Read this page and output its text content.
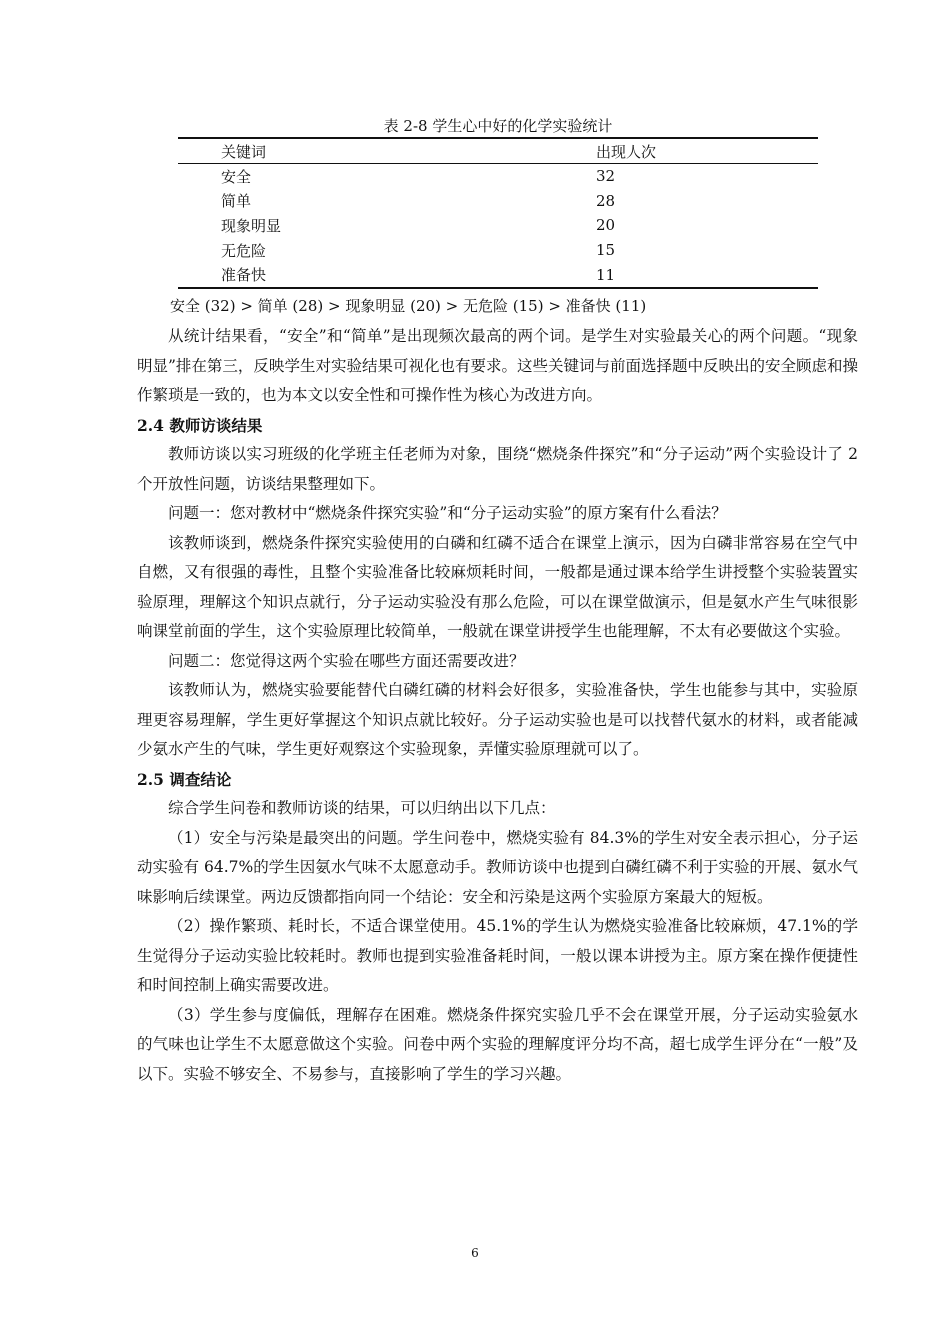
表 2-8 学生心中好的化学实验统计
关键词	出现人次
安全	32
简单	28
现象明显	20
无危险	15
准备快	11
安全 (32) > 简单 (28) > 现象明显 (20) > 无危险 (15) > 准备快 (11)

从统计结果看，“安全”和“简单”是出现频次最高的两个词。是学生对实验最关心的两个问题。“现象明显”排在第三，反映学生对实验结果可视化也有要求。这些关键词与前面选择题中反映出的安全顾虑和操作繁琐是一致的，也为本文以安全性和可操作性为核心为改进方向。

2.4 教师访谈结果

教师访谈以实习班级的化学班主任老师为对象，围绕“燃烧条件探究”和“分子运动”两个实验设计了 2 个开放性问题，访谈结果整理如下。

问题一：您对教材中“燃烧条件探究实验”和“分子运动实验”的原方案有什么看法？

该教师谈到，燃烧条件探究实验使用的白磷和红磷不适合在课堂上演示，因为白磷非常容易在空气中自燃，又有很强的毒性，且整个实验准备比较麻烦耗时间，一般都是通过课本给学生讲授整个实验装置实验原理，理解这个知识点就行，分子运动实验没有那么危险，可以在课堂做演示，但是氨水产生气味很影响课堂前面的学生，这个实验原理比较简单，一般就在课堂讲授学生也能理解，不太有必要做这个实验。

问题二：您觉得这两个实验在哪些方面还需要改进？

该教师认为，燃烧实验要能替代白磷红磷的材料会好很多，实验准备快，学生也能参与其中，实验原理更容易理解，学生更好掌握这个知识点就比较好。分子运动实验也是可以找替代氨水的材料，或者能减少氨水产生的气味，学生更好观察这个实验现象，弄懂实验原理就可以了。

2.5 调查结论

综合学生问卷和教师访谈的结果，可以归纳出以下几点：

（1）安全与污染是最突出的问题。学生问卷中，燃烧实验有 84.3%的学生对安全表示担心，分子运动实验有 64.7%的学生因氨水气味不太愿意动手。教师访谈中也提到白磷红磷不利于实验的开展、氨水气味影响后续课堂。两边反馈都指向同一个结论：安全和污染是这两个实验原方案最大的短板。

（2）操作繁琐、耗时长，不适合课堂使用。45.1%的学生认为燃烧实验准备比较麻烦，47.1%的学生觉得分子运动实验比较耗时。教师也提到实验准备耗时间，一般以课本讲授为主。原方案在操作便捷性和时间控制上确实需要改进。

（3）学生参与度偏低，理解存在困难。燃烧条件探究实验几乎不会在课堂开展，分子运动实验氨水的气味也让学生不太愿意做这个实验。问卷中两个实验的理解度评分均不高，超七成学生评分在“一般”及以下。实验不够安全、不易参与，直接影响了学生的学习兴趣。

6
